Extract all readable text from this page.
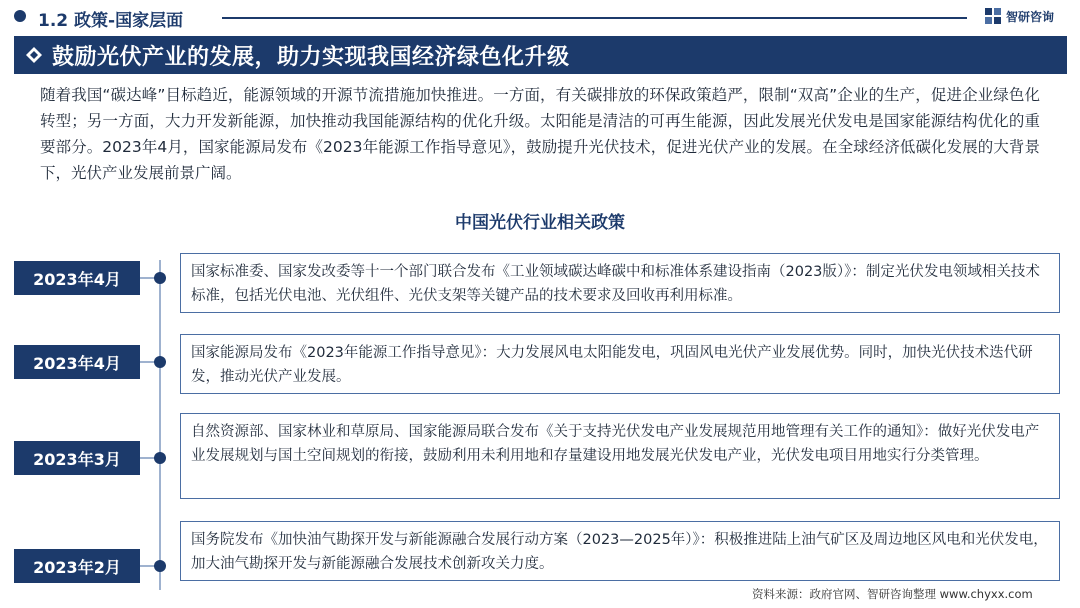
1.2 政策-国家层面	智研咨询
鼓励光伏产业的发展，助力实现我国经济绿色化升级

随着我国“碳达峰”目标趋近，能源领域的开源节流措施加快推进。一方面，有关碳排放的环保政策趋严，限制“双高”企业的生产，促进企业绿色化转型；另一方面，大力开发新能源，加快推动我国能源结构的优化升级。太阳能是清洁的可再生能源，因此发展光伏发电是国家能源结构优化的重要部分。2023年4月，国家能源局发布《2023年能源工作指导意见》，鼓励提升光伏技术，促进光伏产业的发展。在全球经济低碳化发展的大背景下，光伏产业发展前景广阔。

中国光伏行业相关政策

国家标准委、国家发改委等十一个部门联合发布《工业领域碳达峰碳中和标准体系建设指南（2023版）》：制定光伏发电领域相关技术标准，包括光伏电池、光伏组件、光伏支架等关键产品的技术要求及回收再利用标准。

2023年4月

国家能源局发布《2023年能源工作指导意见》：大力发展风电太阳能发电，巩固风电光伏产业发展优势。同时，加快光伏技术迭代研发，推动光伏产业发展。

2023年4月

自然资源部、国家林业和草原局、国家能源局联合发布《关于支持光伏发电产业发展规范用地管理有关工作的通知》：做好光伏发电产业发展规划与国土空间规划的衔接，鼓励利用未利用地和存量建设用地发展光伏发电产业，光伏发电项目用地实行分类管理。

2023年3月

国务院发布《加快油气勘探开发与新能源融合发展行动方案（2023—2025年）》：积极推进陆上油气矿区及周边地区风电和光伏发电，加大油气勘探开发与新能源融合发展技术创新攻关力度。

2023年2月
资料来源：政府官网、智研咨询整理 www.chyxx.com
